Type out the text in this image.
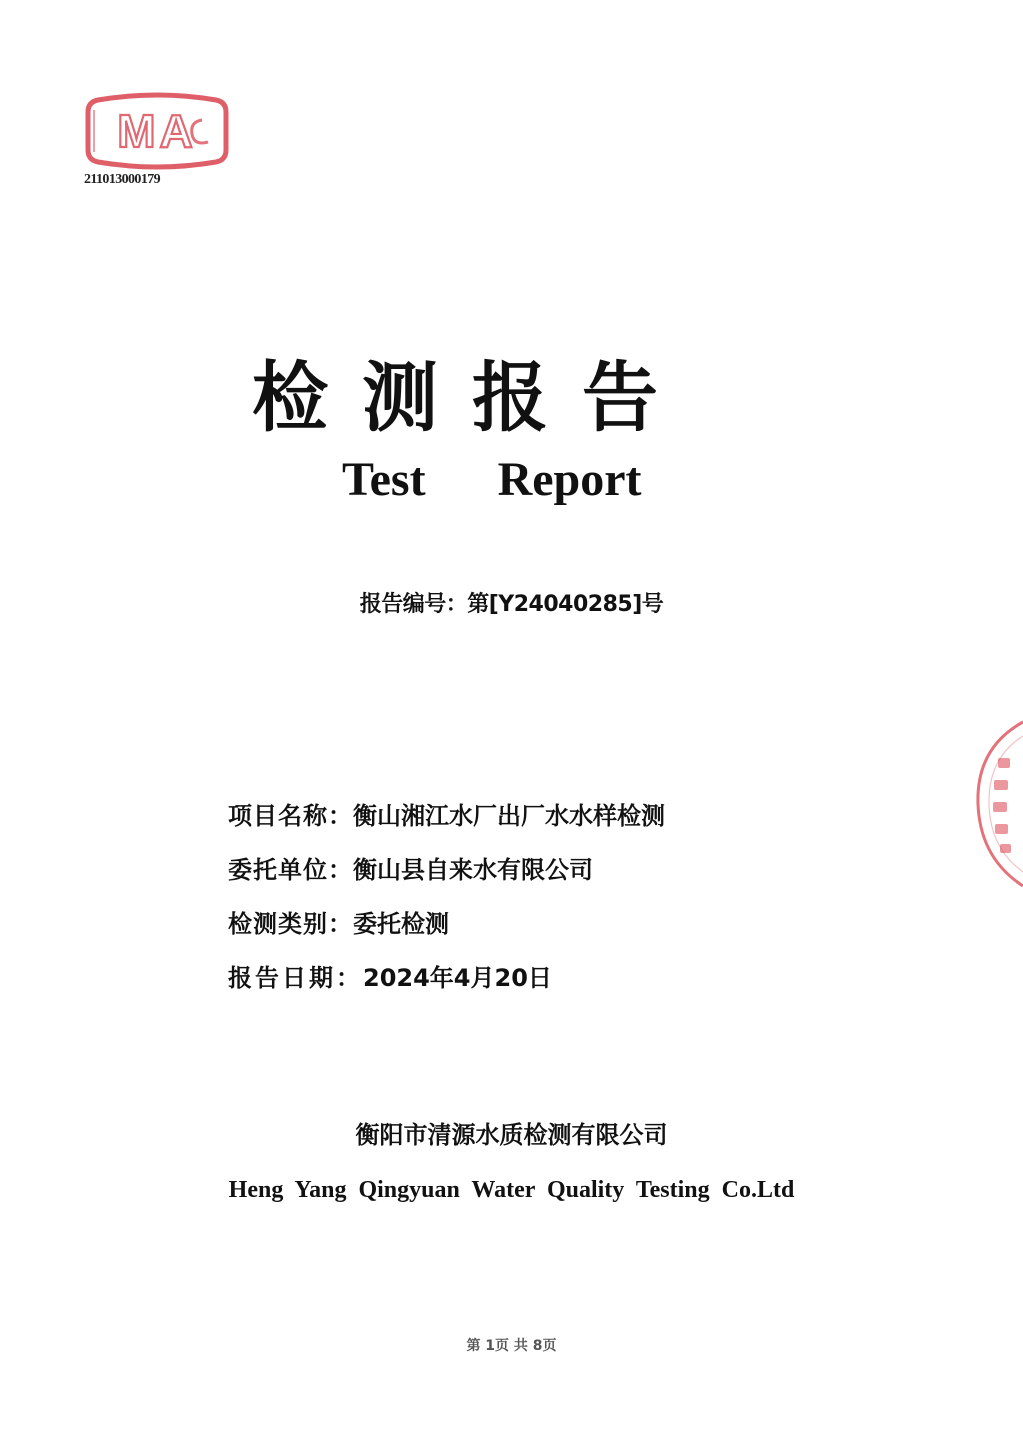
MA
211013000179
检测报告
Test Report
报告编号：第[Y24040285]号
项目名称：衡山湘江水厂出厂水水样检测
委托单位：衡山县自来水有限公司
检测类别：委托检测
报告日期：2024年4月20日
衡阳市清源水质检测有限公司
Heng Yang Qingyuan Water Quality Testing Co.Ltd
第 1页 共 8页
